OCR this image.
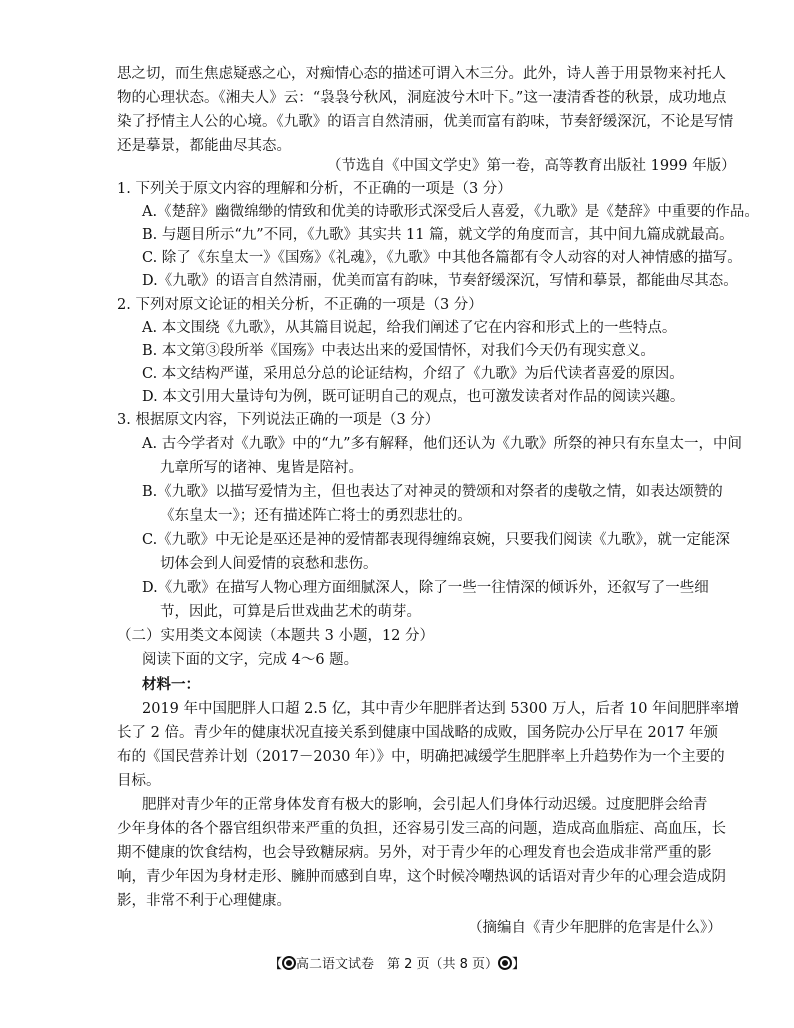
思之切，而生焦虑疑惑之心，对痴情心态的描述可谓入木三分。此外，诗人善于用景物来衬托人
物的心理状态。《湘夫人》云：“袅袅兮秋风，洞庭波兮木叶下。”这一凄清香苍的秋景，成功地点
染了抒情主人公的心境。《九歌》的语言自然清丽，优美而富有韵味，节奏舒缓深沉，不论是写情
还是摹景，都能曲尽其态。
（节选自《中国文学史》第一卷，高等教育出版社 1999 年版）
1. 下列关于原文内容的理解和分析，不正确的一项是（3 分）
A.《楚辞》幽微绵缈的情致和优美的诗歌形式深受后人喜爱，《九歌》是《楚辞》中重要的作品。
B. 与题目所示“九”不同，《九歌》其实共 11 篇，就文学的角度而言，其中间九篇成就最高。
C. 除了《东皇太一》《国殇》《礼魂》，《九歌》中其他各篇都有令人动容的对人神情感的描写。
D.《九歌》的语言自然清丽，优美而富有韵味，节奏舒缓深沉，写情和摹景，都能曲尽其态。
2. 下列对原文论证的相关分析，不正确的一项是（3 分）
A. 本文围绕《九歌》，从其篇目说起，给我们阐述了它在内容和形式上的一些特点。
B. 本文第③段所举《国殇》中表达出来的爱国情怀，对我们今天仍有现实意义。
C. 本文结构严谨，采用总分总的论证结构，介绍了《九歌》为后代读者喜爱的原因。
D. 本文引用大量诗句为例，既可证明自己的观点，也可激发读者对作品的阅读兴趣。
3. 根据原文内容，下列说法正确的一项是（3 分）
A. 古今学者对《九歌》中的“九”多有解释，他们还认为《九歌》所祭的神只有东皇太一，中间
九章所写的诸神、鬼皆是陪衬。
B.《九歌》以描写爱情为主，但也表达了对神灵的赞颂和对祭者的虔敬之情，如表达颂赞的
《东皇太一》；还有描述阵亡将士的勇烈悲壮的。
C.《九歌》中无论是巫还是神的爱情都表现得缠绵哀婉，只要我们阅读《九歌》，就一定能深
切体会到人间爱情的哀愁和悲伤。
D.《九歌》在描写人物心理方面细腻深人，除了一些一往情深的倾诉外，还叙写了一些细
节，因此，可算是后世戏曲艺术的萌芽。
（二）实用类文本阅读（本题共 3 小题，12 分）
阅读下面的文字，完成 4～6 题。
材料一：
2019 年中国肥胖人口超 2.5 亿，其中青少年肥胖者达到 5300 万人，后者 10 年间肥胖率增
长了 2 倍。青少年的健康状况直接关系到健康中国战略的成败，国务院办公厅早在 2017 年颁
布的《国民营养计划（2017－2030 年）》中，明确把减缓学生肥胖率上升趋势作为一个主要的
目标。
肥胖对青少年的正常身体发育有极大的影响，会引起人们身体行动迟缓。过度肥胖会给青
少年身体的各个器官组织带来严重的负担，还容易引发三高的问题，造成高血脂症、高血压，长
期不健康的饮食结构，也会导致糖尿病。另外，对于青少年的心理发育也会造成非常严重的影
响，青少年因为身材走形、臃肿而感到自卑，这个时候冷嘲热讽的话语对青少年的心理会造成阴
影，非常不利于心理健康。
（摘编自《青少年肥胖的危害是什么》）
【○高二语文试卷　第 2 页（共 8 页）○】
